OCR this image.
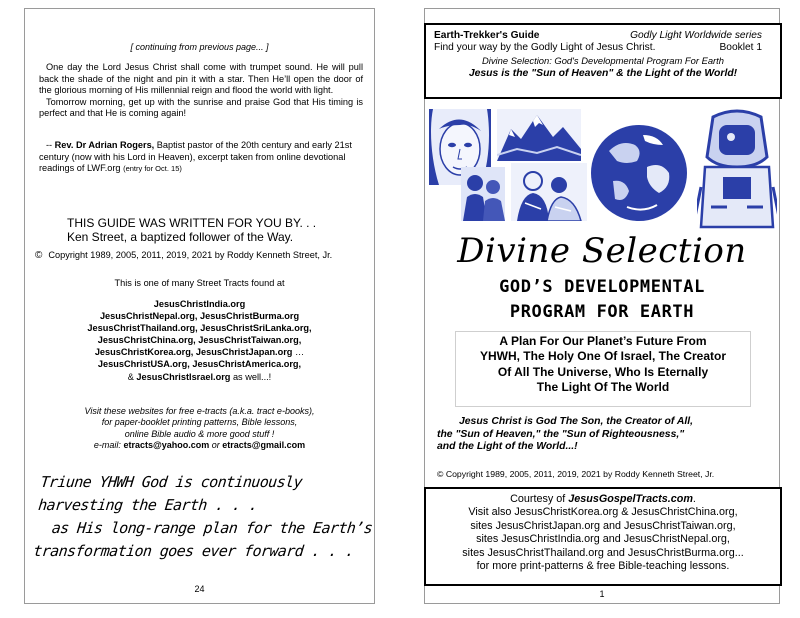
[ continuing from previous page... ]

One day the Lord Jesus Christ shall come with trumpet sound. He will pull back the shade of the night and pin it with a star. Then He’ll open the door of the glorious morning of His millennial reign and flood the world with light.

Tomorrow morning, get up with the sunrise and praise God that His timing is perfect and that He is coming again!

-- Rev. Dr Adrian Rogers, Baptist pastor of the 20th century and early 21st century (now with his Lord in Heaven), excerpt taken from online devotional readings of LWF.org (entry for Oct. 15)
THIS GUIDE WAS WRITTEN FOR YOU BY. . .
Ken Street, a baptized follower of the Way.
© Copyright 1989, 2005, 2011, 2019, 2021 by Roddy Kenneth Street, Jr.
This is one of many Street Tracts found at
JesusChristIndia.org
JesusChristNepal.org, JesusChristBurma.org
JesusChristThailand.org, JesusChristSriLanka.org,
JesusChristChina.org, JesusChristTaiwan.org,
JesusChristKorea.org, JesusChristJapan.org …
JesusChristUSA.org, JesusChristAmerica.org,
& JesusChristIsrael.org as well...!
Visit these websites for free e-tracts (a.k.a. tract e-books),
for paper-booklet printing patterns, Bible lessons,
online Bible audio & more good stuff !
e-mail: etracts@yahoo.com or etracts@gmail.com
Triune YHWH God is continuously
harvesting the Earth . . .
as His long-range plan for the Earth’s
transformation goes ever forward . . .
24
Earth-Trekker's Guide	Godly Light Worldwide series
Find your way by the Godly Light of Jesus Christ.	Booklet 1
Divine Selection: God's Developmental Program For Earth
Jesus is the "Sun of Heaven" & the Light of the World!
Divine Selection
GOD’S DEVELOPMENTAL
PROGRAM FOR EARTH
A Plan For Our Planet’s Future From
YHWH, The Holy One Of Israel, The Creator
Of All The Universe, Who Is Eternally
The Light Of The World
Jesus Christ is God The Son, the Creator of All,
the "Sun of Heaven," the "Sun of Righteousness,"
and the Light of the World...!
© Copyright 1989, 2005, 2011, 2019, 2021 by Roddy Kenneth Street, Jr.
Courtesy of JesusGospelTracts.com.
Visit also JesusChristKorea.org & JesusChristChina.org,
sites JesusChristJapan.org and JesusChristTaiwan.org,
sites JesusChristIndia.org and JesusChristNepal.org,
sites JesusChristThailand.org and JesusChristBurma.org...
for more print-patterns & free Bible-teaching lessons.
1
